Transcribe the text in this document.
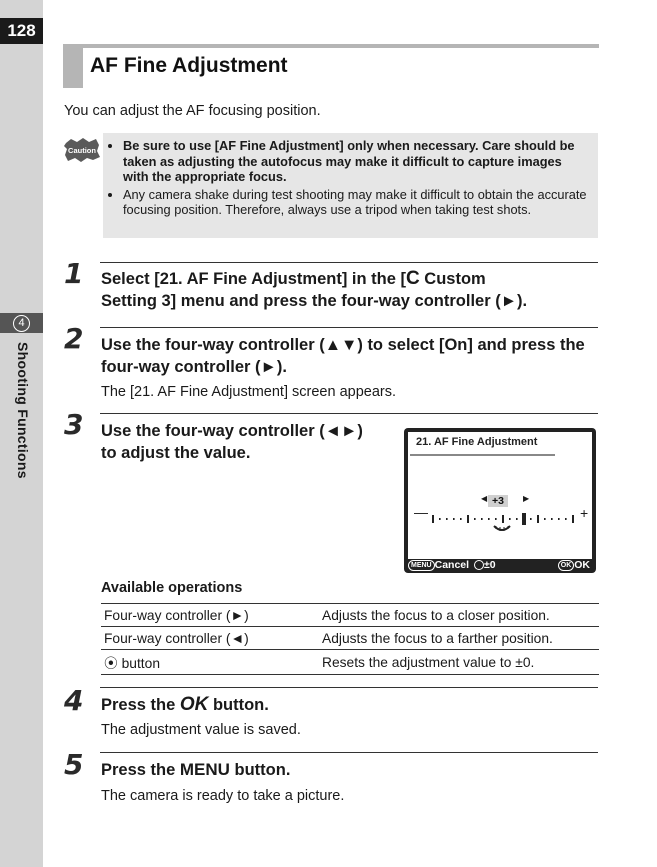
128
4
Shooting Functions
AF Fine Adjustment
You can adjust the AF focusing position.
Caution • Be sure to use [AF Fine Adjustment] only when necessary. Care should be taken as adjusting the autofocus may make it difficult to capture images with the appropriate focus.
• Any camera shake during test shooting may make it difficult to obtain the accurate focusing position. Therefore, always use a tripod when taking test shots.
1 Select [21. AF Fine Adjustment] in the [C Custom
Setting 3] menu and press the four-way controller (►).
2 Use the four-way controller (▲▼) to select [On] and press the four-way controller (►).
The [21. AF Fine Adjustment] screen appears.
3 Use the four-way controller (◄►)
to adjust the value.
21. AF Fine Adjustment
◀ +3	▶
—	+
MENU Cancel ±0	OK OK
Available operations
Four-way controller (►)	Adjusts the focus to a closer position.
Four-way controller (◄)	Adjusts the focus to a farther position.
⦿ button	Resets the adjustment value to ±0.
4 Press the OK button.
The adjustment value is saved.
5 Press the MENU button.
The camera is ready to take a picture.
